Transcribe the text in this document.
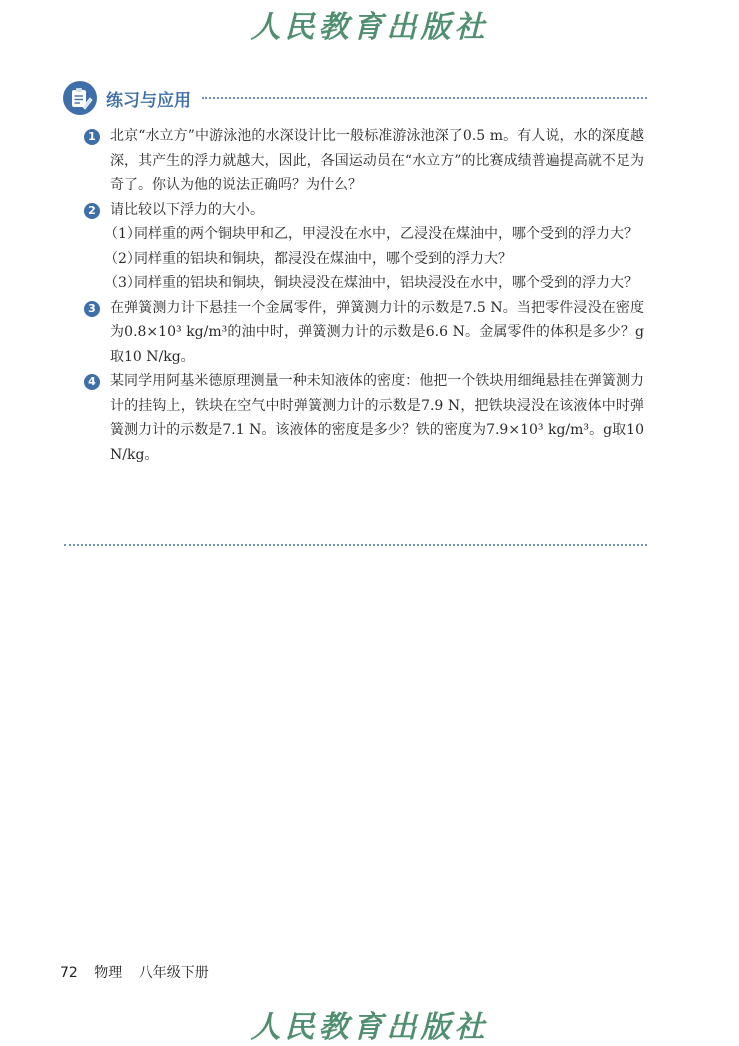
人民教育出版社
练习与应用
1 北京“水立方”中游泳池的水深设计比一般标准游泳池深了0.5 m。有人说，水的深度越深，其产生的浮力就越大，因此，各国运动员在“水立方”的比赛成绩普遍提高就不足为奇了。你认为他的说法正确吗？为什么？

2 请比较以下浮力的大小。

（1）

同样重的两个铜块甲和乙，甲浸没在水中，乙浸没在煤油中，哪个受到的浮力大？

（2）

同样重的铝块和铜块，都浸没在煤油中，哪个受到的浮力大？

（3）

同样重的铝块和铜块，铜块浸没在煤油中，铝块浸没在水中，哪个受到的浮力大？

3 在弹簧测力计下悬挂一个金属零件，弹簧测力计的示数是7.5 N。当把零件浸没在密度为0.8×10³ kg/m³的油中时，弹簧测力计的示数是6.6 N。金属零件的体积是多少？g取10 N/kg。

4 某同学用阿基米德原理测量一种未知液体的密度：他把一个铁块用细绳悬挂在弹簧测力计的挂钩上，铁块在空气中时弹簧测力计的示数是7.9 N，把铁块浸没在该液体中时弹簧测力计的示数是7.1 N。该液体的密度是多少？铁的密度为7.9×10³ kg/m³。g取10 N/kg。

72 物理 八年级下册
人民教育出版社
